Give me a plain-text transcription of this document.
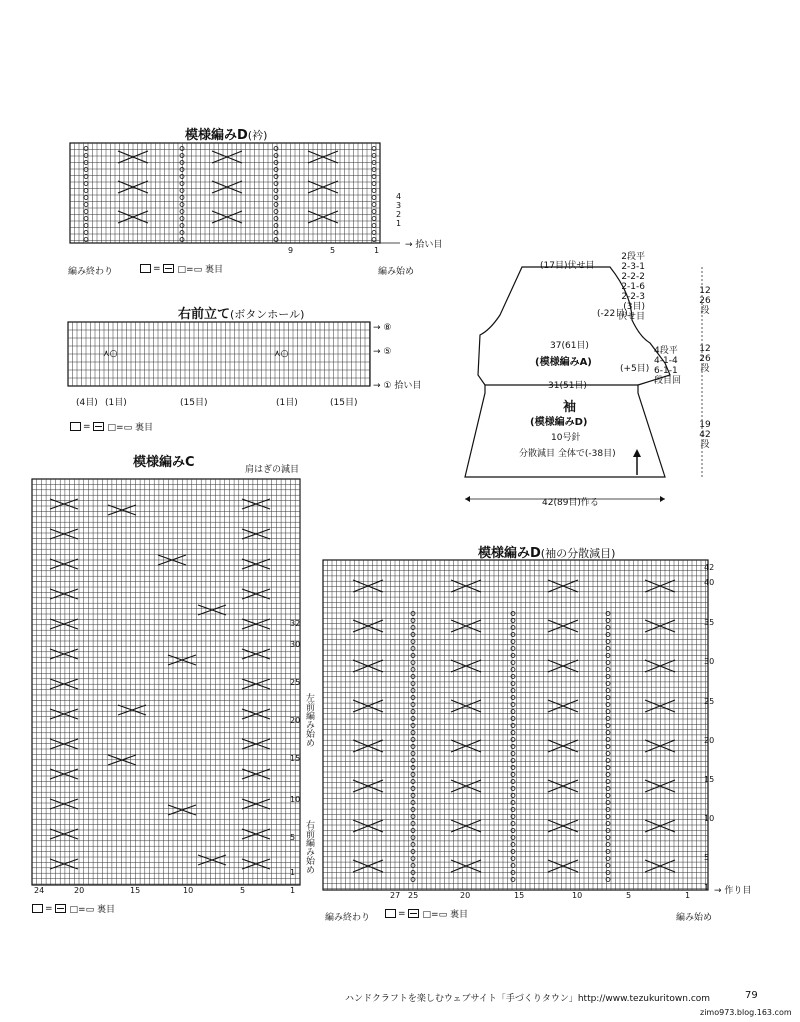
模様編みD(衿)
4
3
2
1
9	5	1
→ 拾い目
編み終わり	編み始め
= □=▭ 裏目
右前立て(ボタンホール)
⋏○	⋏○
→ ⑧
→ ⑤
→ ① 拾い目
(4目) (1目)	(15目)	(1目)	(15目)
= □=▭ 裏目
(17目)伏せ目
2段平
2-3-1
2-2-2
2-1-6
2-2-3
(3目)
伏せ目
(-22目)
37(61目)
(模様編みA)
(+5目)
4段平
4-1-4
6-1-1
段目回
31(51目)
袖
(模様編みD)
10号針
分散減目 全体で(-38目)
42(89目)作る
12
26
段
12
26
段
19
42
段
模様編みC	肩はぎの減目
32
30
25
20
15
10
5
1
左前編み始め
右前編み始め
24	20	15	10	5	1
= □=▭ 裏目
模様編みD(袖の分散減目)
42
40
35
30
25
20
15
10
5
1
27 25	20	15	10	5	1	→ 作り目
編み終わり	編み始め
= □=▭ 裏目
ハンドクラフトを楽しむウェブサイト「手づくりタウン」http://www.tezukuritown.com	79
zimo973.blog.163.com
